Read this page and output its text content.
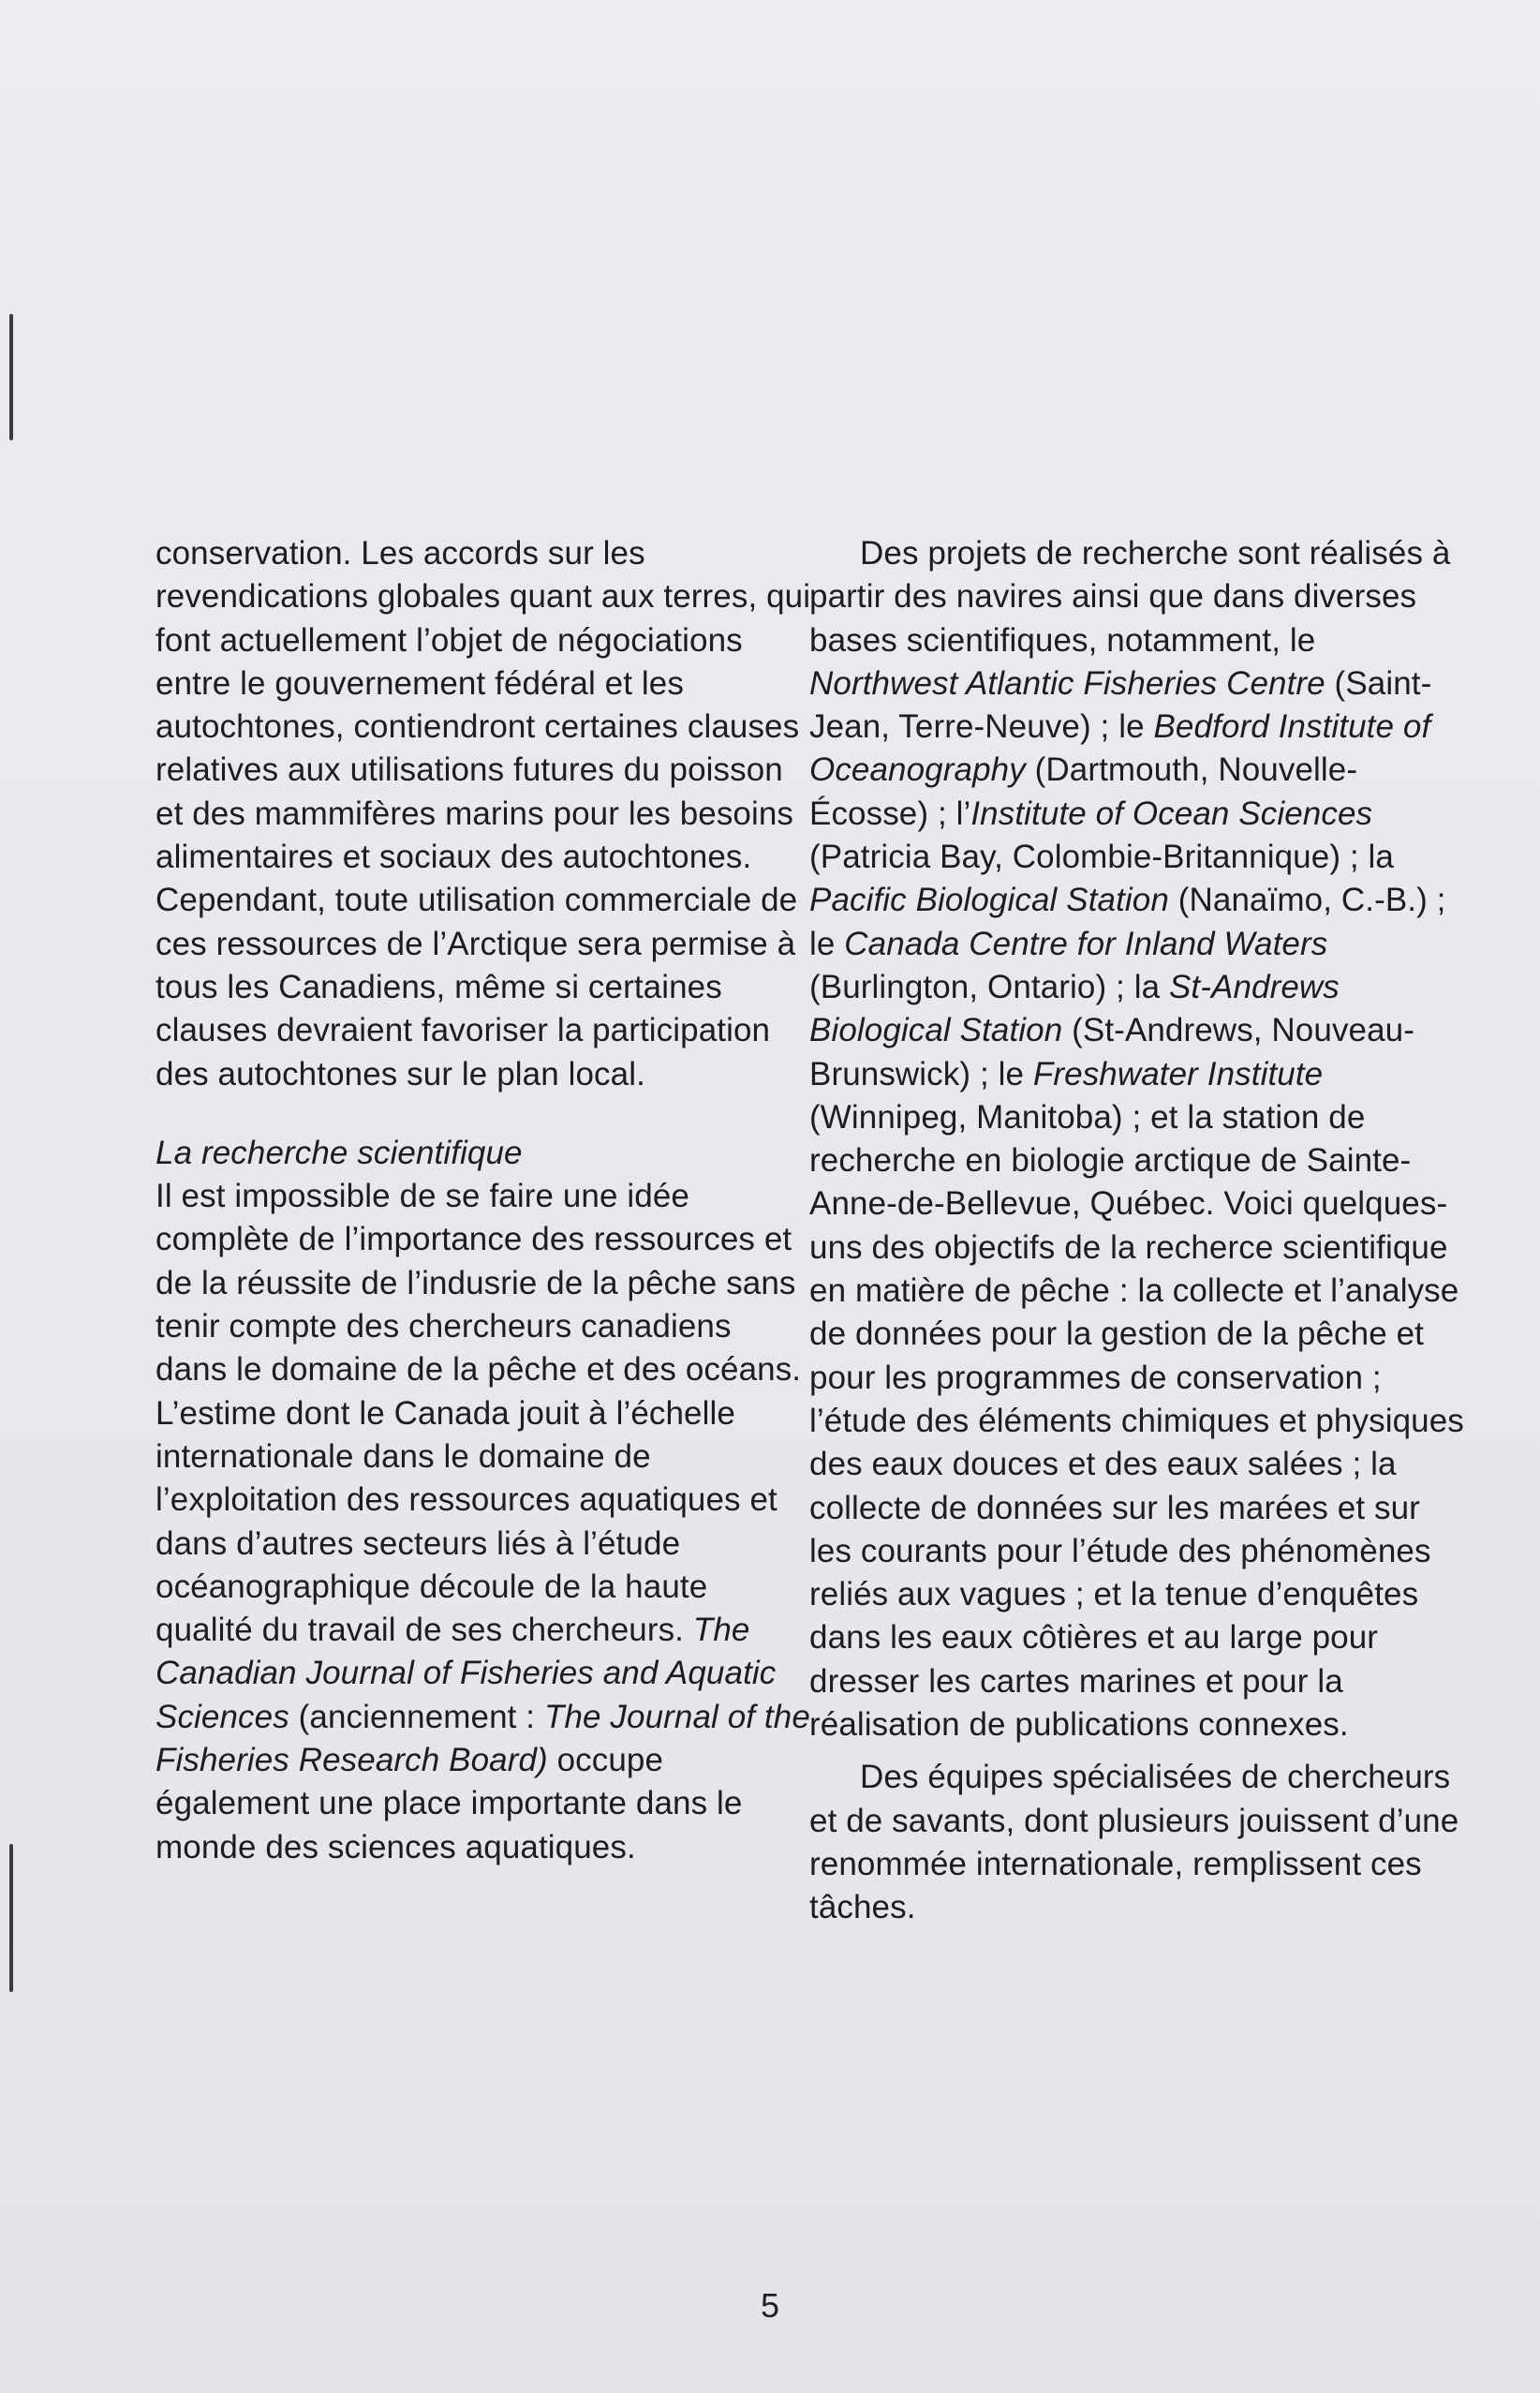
conservation. Les accords sur les revendications globales quant aux terres, qui font actuellement l’objet de négociations entre le gouvernement fédéral et les autochtones, contiendront certaines clauses relatives aux utilisations futures du poisson et des mammifères marins pour les besoins alimentaires et sociaux des autochtones. Cependant, toute utilisation commerciale de ces ressources de l’Arctique sera permise à tous les Canadiens, même si certaines clauses devraient favoriser la participation des autochtones sur le plan local.

La recherche scientifique

Il est impossible de se faire une idée complète de l’importance des ressources et de la réussite de l’indusrie de la pêche sans tenir compte des chercheurs canadiens dans le domaine de la pêche et des océans. L’estime dont le Canada jouit à l’échelle internationale dans le domaine de l’exploitation des ressources aquatiques et dans d’autres secteurs liés à l’étude océanographique découle de la haute qualité du travail de ses chercheurs. The Canadian Journal of Fisheries and Aquatic Sciences (anciennement : The Journal of the Fisheries Research Board) occupe également une place importante dans le monde des sciences aquatiques.

Des projets de recherche sont réalisés à partir des navires ainsi que dans diverses bases scientifiques, notamment, le Northwest Atlantic Fisheries Centre (Saint-Jean, Terre-Neuve) ; le Bedford Institute of Oceanography (Dartmouth, Nouvelle-Écosse) ; l’Institute of Ocean Sciences (Patricia Bay, Colombie-Britannique) ; la Pacific Biological Station (Nanaïmo, C.-B.) ; le Canada Centre for Inland Waters (Burlington, Ontario) ; la St-Andrews Biological Station (St-Andrews, Nouveau-Brunswick) ; le Freshwater Institute (Winnipeg, Manitoba) ; et la station de recherche en biologie arctique de Sainte-Anne-de-Bellevue, Québec. Voici quelques-uns des objectifs de la recherce scientifique en matière de pêche : la collecte et l’analyse de données pour la gestion de la pêche et pour les programmes de conservation ; l’étude des éléments chimiques et physiques des eaux douces et des eaux salées ; la collecte de données sur les marées et sur les courants pour l’étude des phénomènes reliés aux vagues ; et la tenue d’enquêtes dans les eaux côtières et au large pour dresser les cartes marines et pour la réalisation de publications connexes.

Des équipes spécialisées de chercheurs et de savants, dont plusieurs jouissent d’une renommée internationale, remplissent ces tâches.

5
